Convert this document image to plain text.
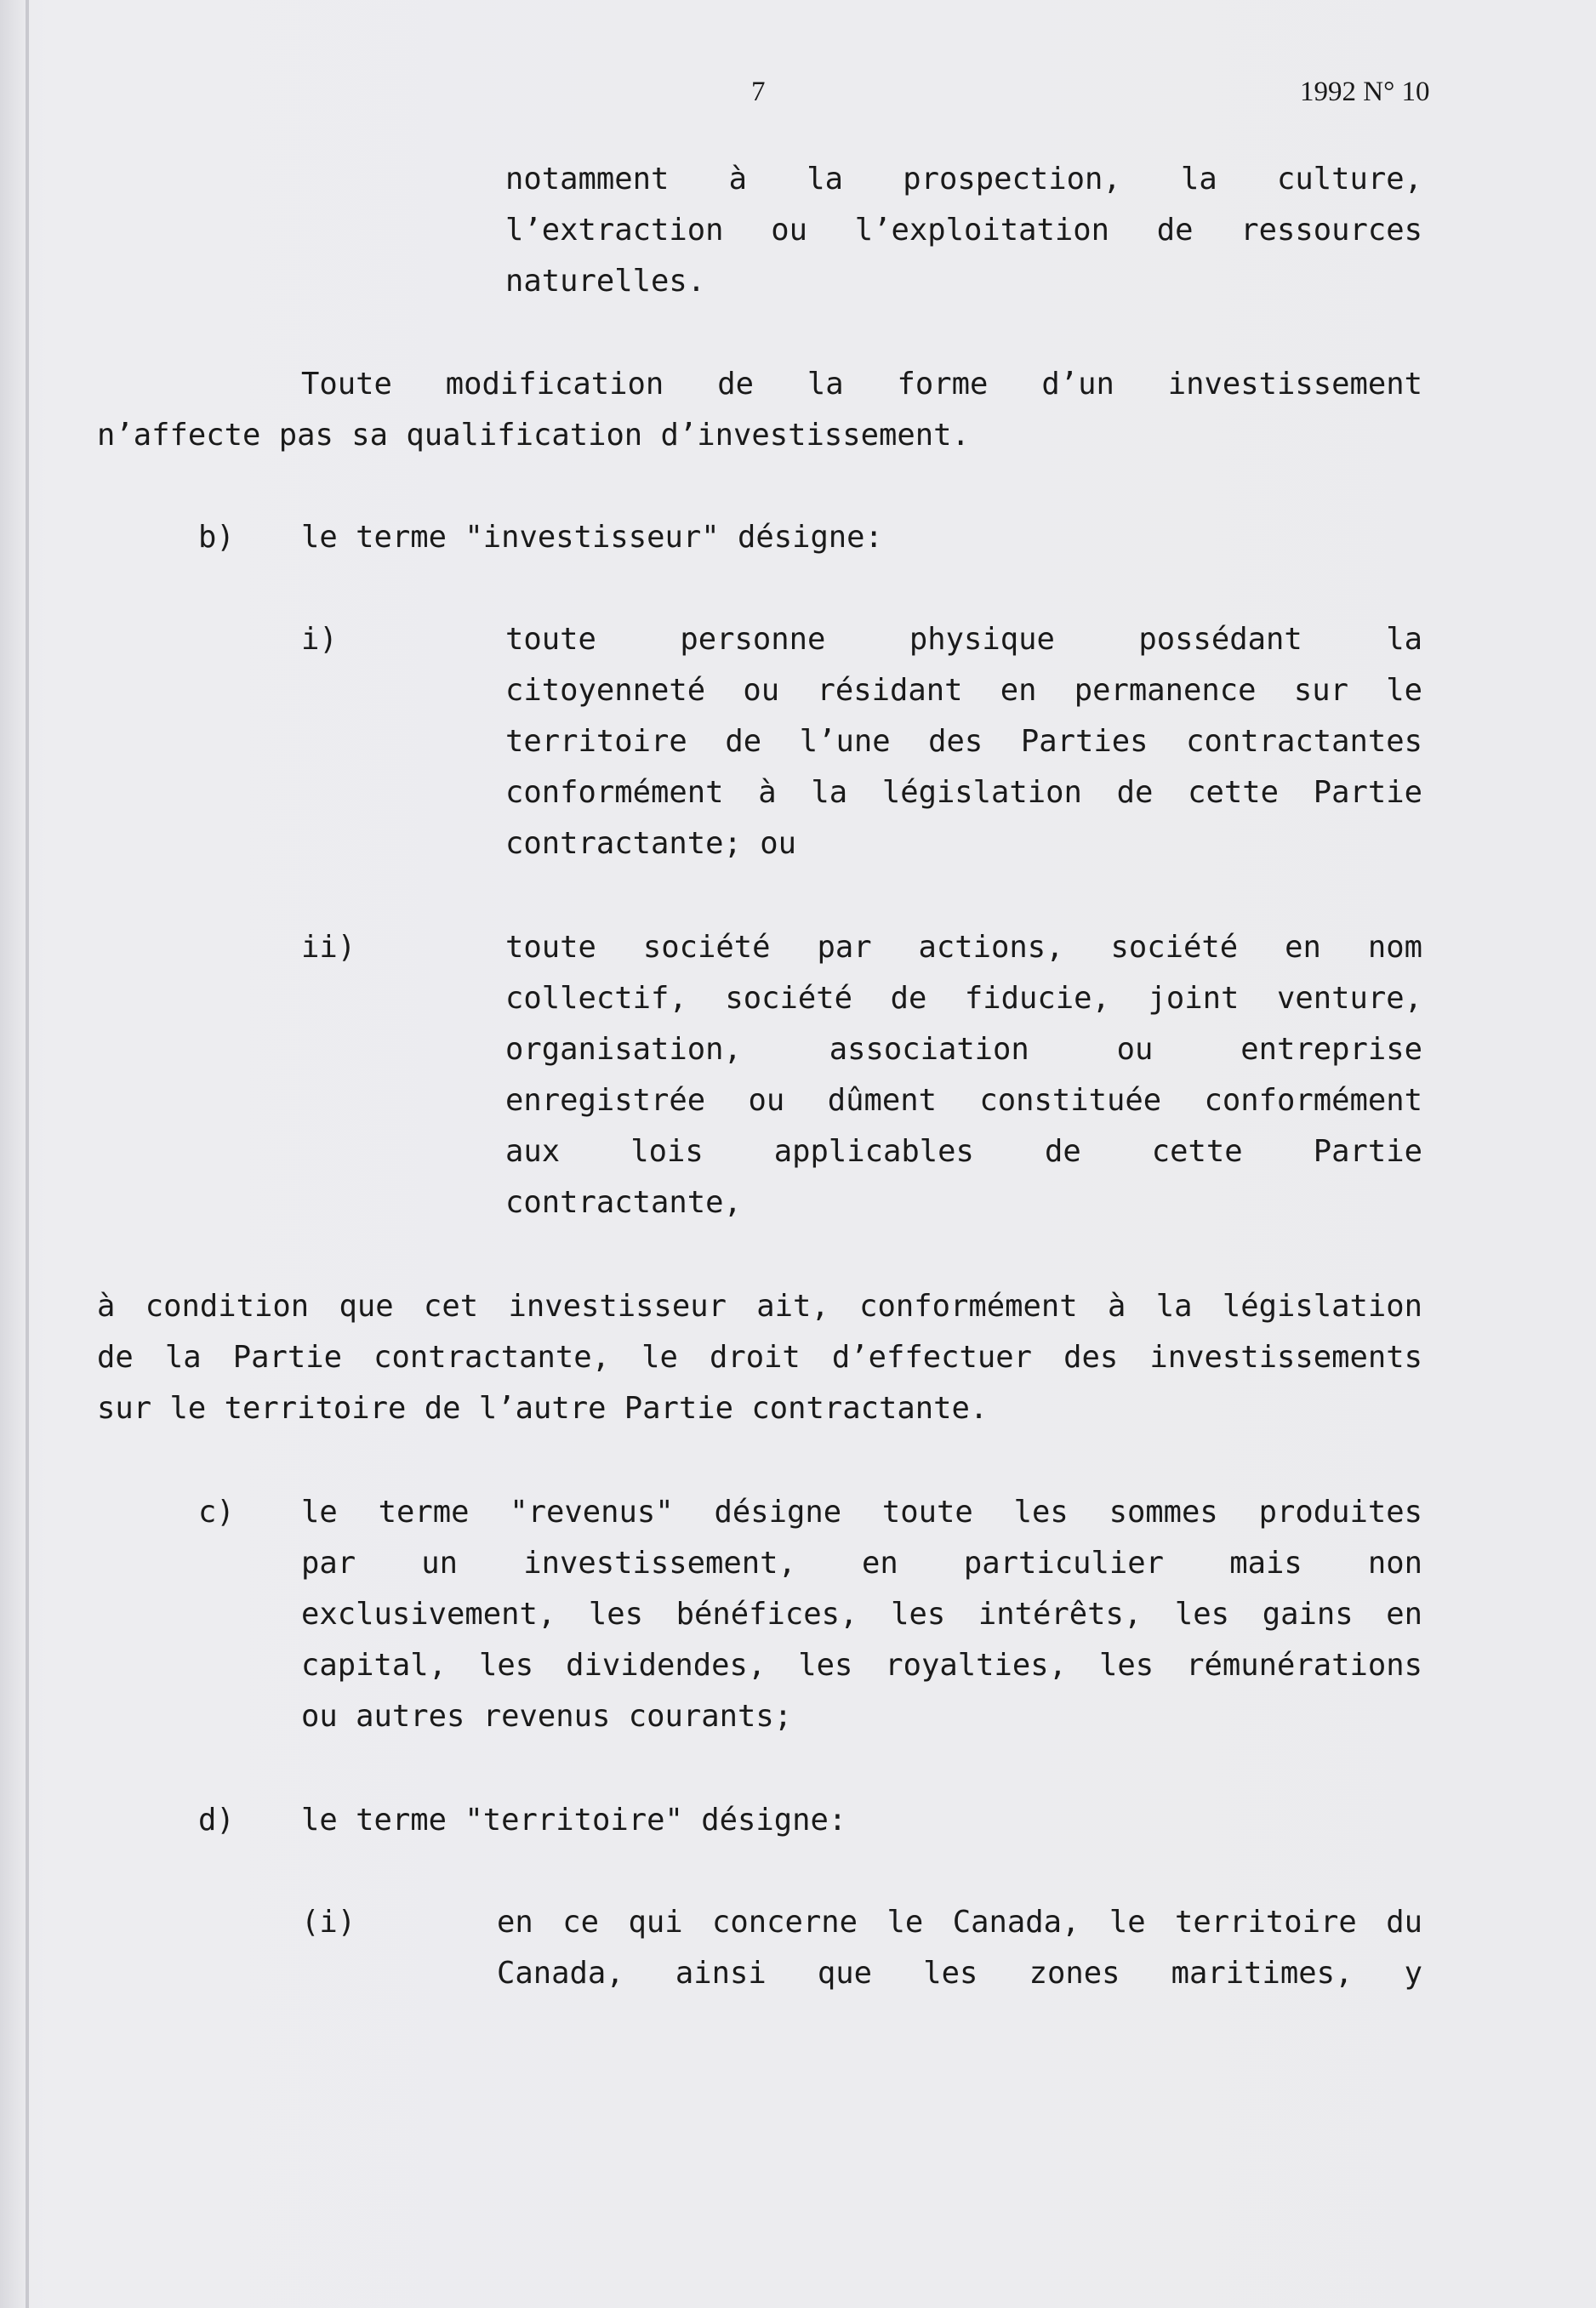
7	1992 N° 10
notamment à la prospection, la culture,
l’extraction ou l’exploitation de ressources
naturelles.
Toute modification de la forme d’un investissement
n’affecte pas sa qualification d’investissement.
b) le terme "investisseur" désigne:
i)	toute personne physique possédant la
citoyenneté ou résidant en permanence sur le
territoire de l’une des Parties contractantes
conformément à la législation de cette Partie
contractante; ou
ii)	toute société par actions, société en nom
collectif, société de fiducie, joint venture,
organisation, association ou entreprise
enregistrée ou dûment constituée conformément
aux lois applicables de cette Partie
contractante,
à condition que cet investisseur ait, conformément à la législation
de la Partie contractante, le droit d’effectuer des investissements
sur le territoire de l’autre Partie contractante.
c) le terme "revenus" désigne toute les sommes produites
par un investissement, en particulier mais non
exclusivement, les bénéfices, les intérêts, les gains en
capital, les dividendes, les royalties, les rémunérations
ou autres revenus courants;
d) le terme "territoire" désigne:
(i)	en ce qui concerne le Canada, le territoire du
Canada, ainsi que les zones maritimes, y
